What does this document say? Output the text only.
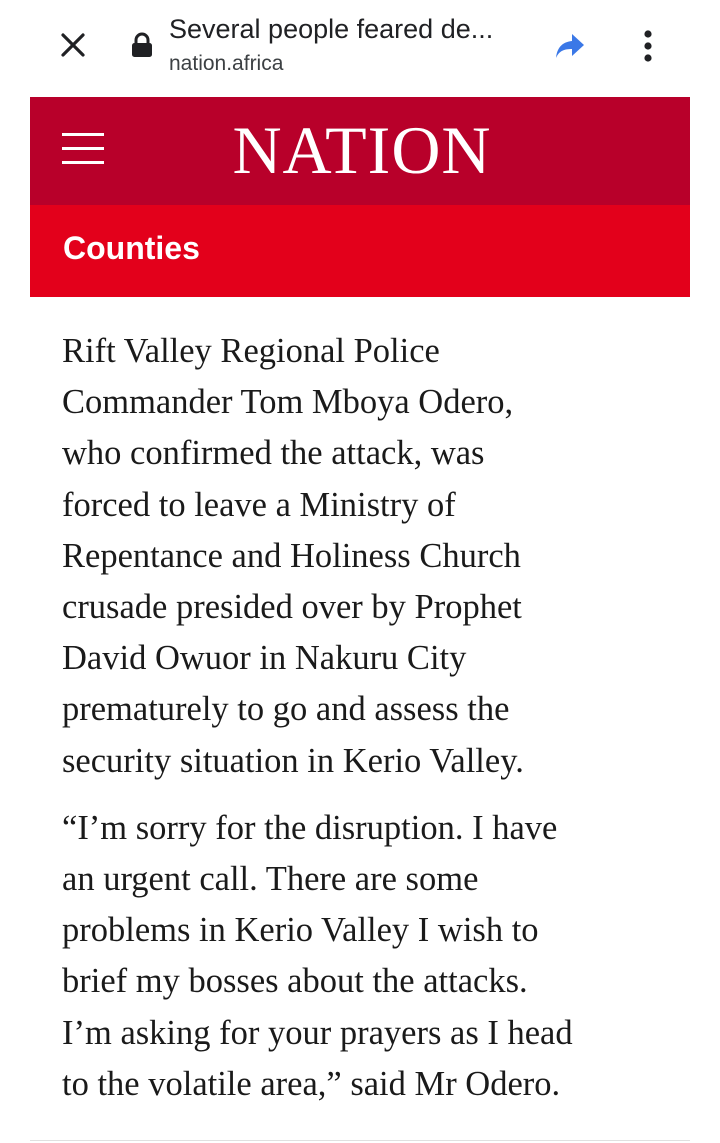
Several people feared de...
nation.africa
NATION
Counties

Rift Valley Regional Police
Commander Tom Mboya Odero,
who confirmed the attack, was
forced to leave a Ministry of
Repentance and Holiness Church
crusade presided over by Prophet
David Owuor in Nakuru City
prematurely to go and assess the
security situation in Kerio Valley.

“I’m sorry for the disruption. I have
an urgent call. There are some
problems in Kerio Valley I wish to
brief my bosses about the attacks.
I’m asking for your prayers as I head
to the volatile area,” said Mr Odero.
